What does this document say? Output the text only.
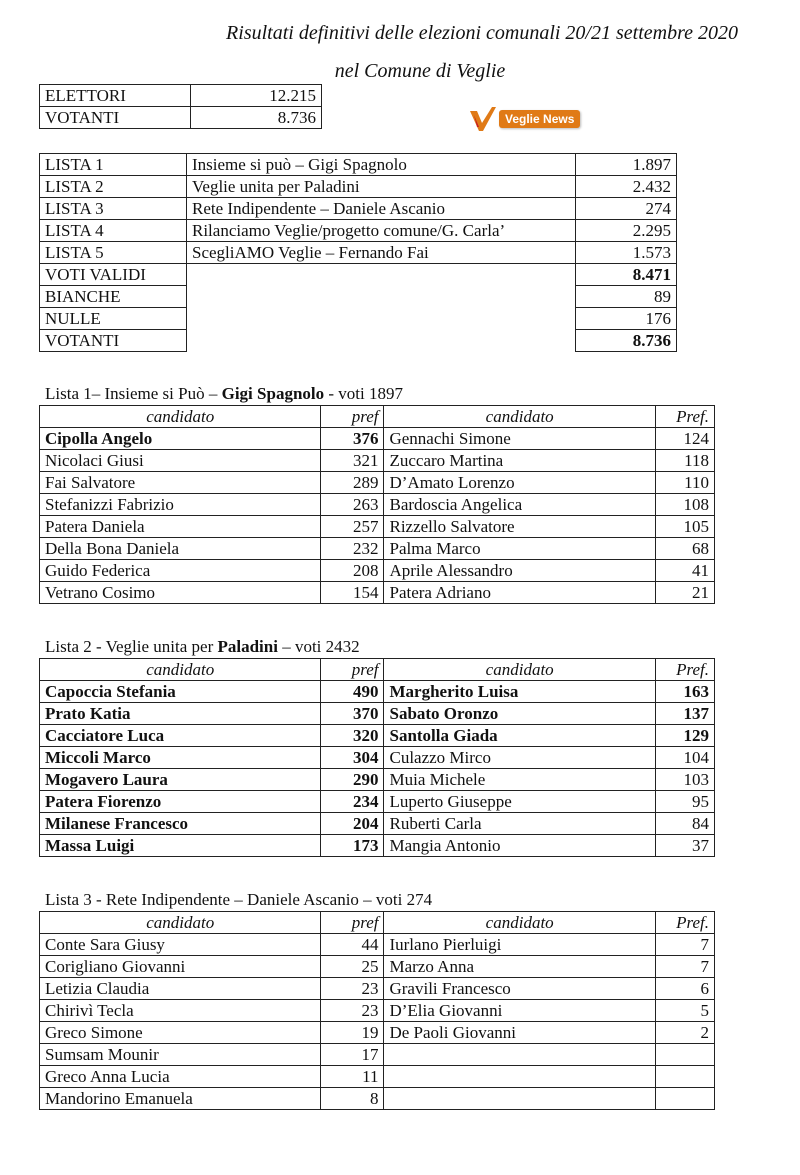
Risultati definitivi delle elezioni comunali 20/21 settembre 2020
nel Comune di Veglie
Veglie News
ELETTORI	12.215
VOTANTI	8.736
LISTA 1	Insieme si può – Gigi Spagnolo	1.897
LISTA 2	Veglie unita per Paladini	2.432
LISTA 3	Rete Indipendente – Daniele Ascanio	274
LISTA 4	Rilanciamo Veglie/progetto comune/G. Carla’	2.295
LISTA 5	ScegliAMO Veglie – Fernando Fai	1.573
VOTI VALIDI		8.471
BIANCHE		89
NULLE		176
VOTANTI		8.736
Lista 1– Insieme si Può – Gigi Spagnolo - voti 1897
candidato	pref	candidato	Pref.
Cipolla Angelo	376	Gennachi Simone	124
Nicolaci Giusi	321	Zuccaro Martina	118
Fai Salvatore	289	D’Amato Lorenzo	110
Stefanizzi Fabrizio	263	Bardoscia Angelica	108
Patera Daniela	257	Rizzello Salvatore	105
Della Bona Daniela	232	Palma Marco	68
Guido Federica	208	Aprile Alessandro	41
Vetrano Cosimo	154	Patera Adriano	21
Lista 2 - Veglie unita per Paladini – voti 2432
candidato	pref	candidato	Pref.
Capoccia Stefania	490	Margherito Luisa	163
Prato Katia	370	Sabato Oronzo	137
Cacciatore Luca	320	Santolla Giada	129
Miccoli Marco	304	Culazzo Mirco	104
Mogavero Laura	290	Muia Michele	103
Patera Fiorenzo	234	Luperto Giuseppe	95
Milanese Francesco	204	Ruberti Carla	84
Massa Luigi	173	Mangia Antonio	37
Lista 3 - Rete Indipendente – Daniele Ascanio – voti 274
candidato	pref	candidato	Pref.
Conte Sara Giusy	44	Iurlano Pierluigi	7
Corigliano Giovanni	25	Marzo Anna	7
Letizia Claudia	23	Gravili Francesco	6
Chirivì Tecla	23	D’Elia Giovanni	5
Greco Simone	19	De Paoli Giovanni	2
Sumsam Mounir	17		
Greco Anna Lucia	11		
Mandorino Emanuela	8		
